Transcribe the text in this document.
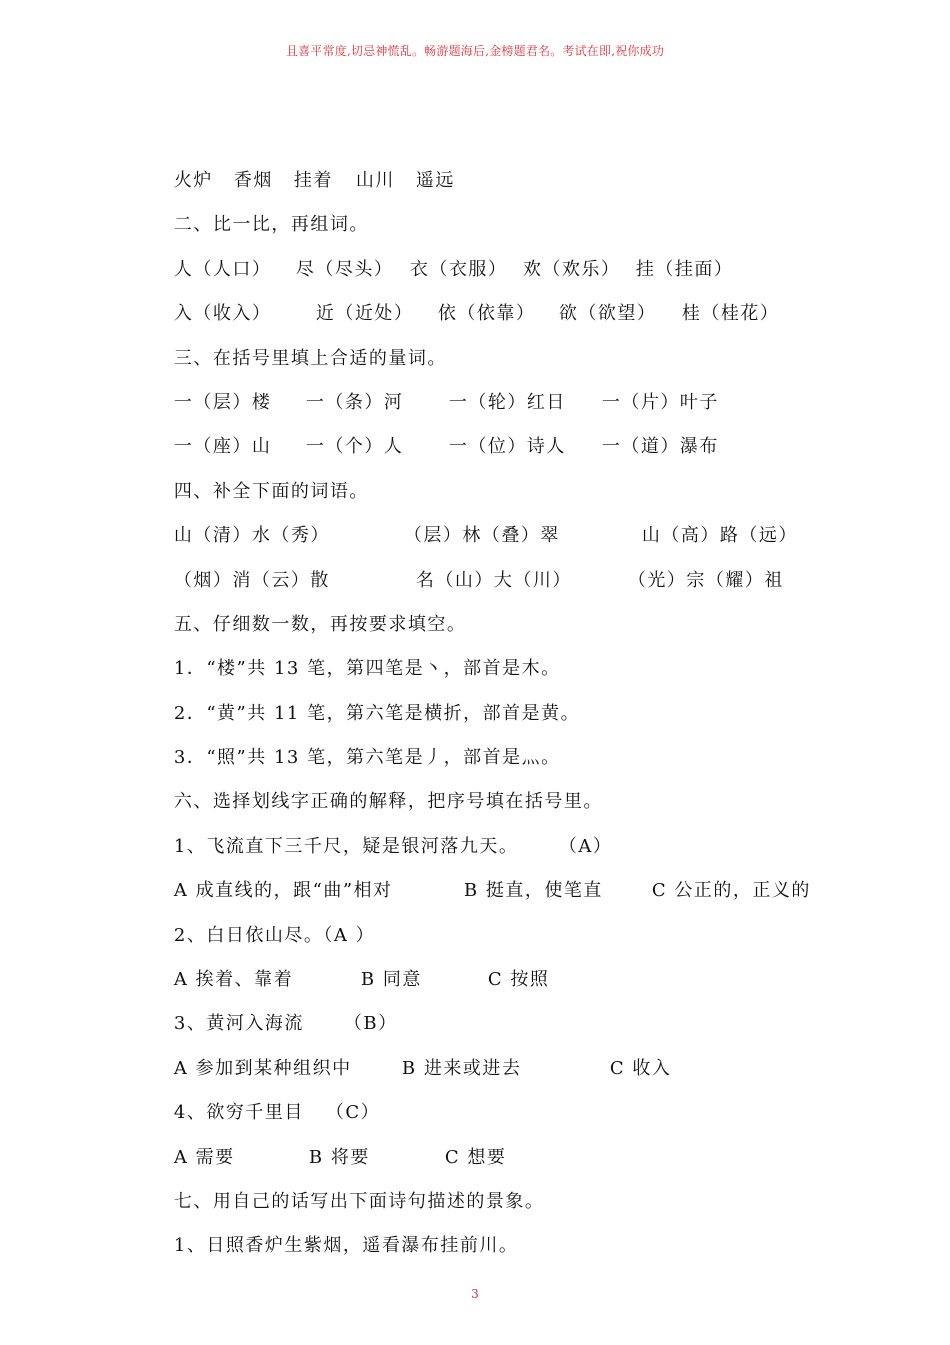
且喜平常度,切忌神慌乱。畅游题海后,金榜题君名。考试在即,祝你成功

火炉 香烟 挂着 山川 遥远

二、比一比，再组词。

人（人口） 尽（尽头） 衣（衣服） 欢（欢乐） 挂（挂面）

入（收入） 近（近处） 依（依靠） 欲（欲望） 桂（桂花）

三、在括号里填上合适的量词。

一（层）楼 一（条）河	一（轮）红日 一（片）叶子

一（座）山 一（个）人	一（位）诗人 一（道）瀑布

四、补全下面的词语。

山（清）水（秀）	（层）林（叠）翠	山（高）路（远）

（烟）消（云）散	名（山）大（川）	（光）宗（耀）祖

五、仔细数一数，再按要求填空。

1．“楼”共 13 笔，第四笔是丶，部首是木。

2．“黄”共 11 笔，第六笔是横折，部首是黄。

3．“照”共 13 笔，第六笔是丿，部首是灬。

六、选择划线字正确的解释，把序号填在括号里。

1、飞流直下三千尺，疑是银河落九天。 （A）

A 成直线的，跟“曲”相对	B 挺直，使笔直	C 公正的，正义的

2、白日依山尽。（A ）

A 挨着、靠着	B 同意	C 按照

3、黄河入海流 （B）

A 参加到某种组织中	B 进来或进去	C 收入

4、欲穷千里目 （C）

A 需要	B 将要	C 想要

七、用自己的话写出下面诗句描述的景象。

1、日照香炉生紫烟，遥看瀑布挂前川。

3
